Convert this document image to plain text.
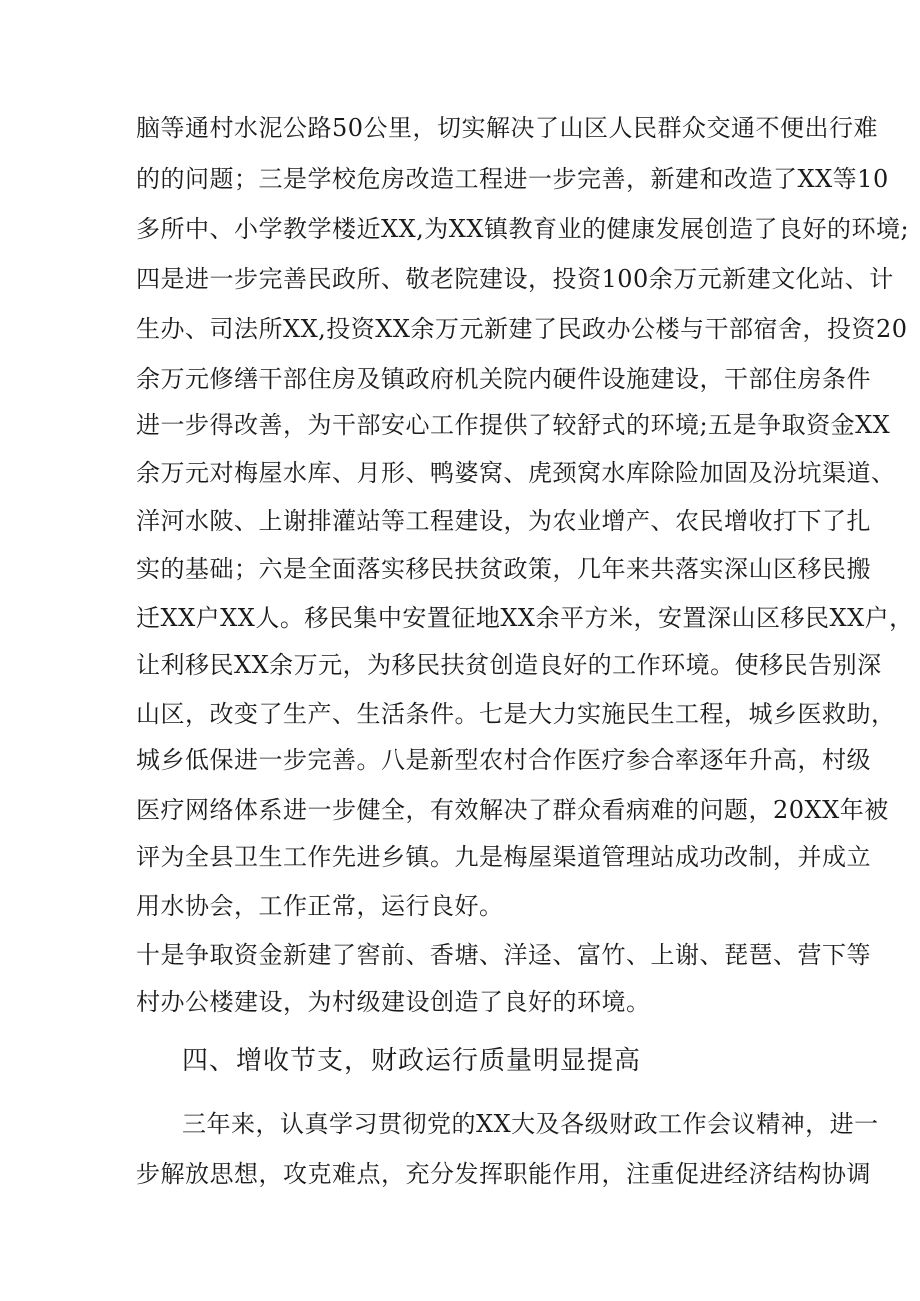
脑等通村水泥公路50公里，切实解决了山区人民群众交通不便出行难
的的问题；三是学校危房改造工程进一步完善，新建和改造了XX等10
多所中、小学教学楼近XX,为XX镇教育业的健康发展创造了良好的环境;
四是进一步完善民政所、敬老院建设，投资100余万元新建文化站、计
生办、司法所XX,投资XX余万元新建了民政办公楼与干部宿舍，投资20
余万元修缮干部住房及镇政府机关院内硬件设施建设，干部住房条件
进一步得改善，为干部安心工作提供了较舒式的环境;五是争取资金XX
余万元对梅屋水库、月形、鸭婆窝、虎颈窝水库除险加固及汾坑渠道、
洋河水陂、上谢排灌站等工程建设，为农业增产、农民增收打下了扎
实的基础；六是全面落实移民扶贫政策，几年来共落实深山区移民搬
迁XX户XX人。移民集中安置征地XX余平方米，安置深山区移民XX户，
让利移民XX余万元，为移民扶贫创造良好的工作环境。使移民告别深
山区，改变了生产、生活条件。七是大力实施民生工程，城乡医救助，
城乡低保进一步完善。八是新型农村合作医疗参合率逐年升高，村级
医疗网络体系进一步健全，有效解决了群众看病难的问题，20XX年被
评为全县卫生工作先进乡镇。九是梅屋渠道管理站成功改制，并成立
用水协会，工作正常，运行良好。
十是争取资金新建了窖前、香塘、洋迳、富竹、上谢、琵琶、营下等
村办公楼建设，为村级建设创造了良好的环境。
四、增收节支，财政运行质量明显提高
三年来，认真学习贯彻党的XX大及各级财政工作会议精神，进一
步解放思想，攻克难点，充分发挥职能作用，注重促进经济结构协调
